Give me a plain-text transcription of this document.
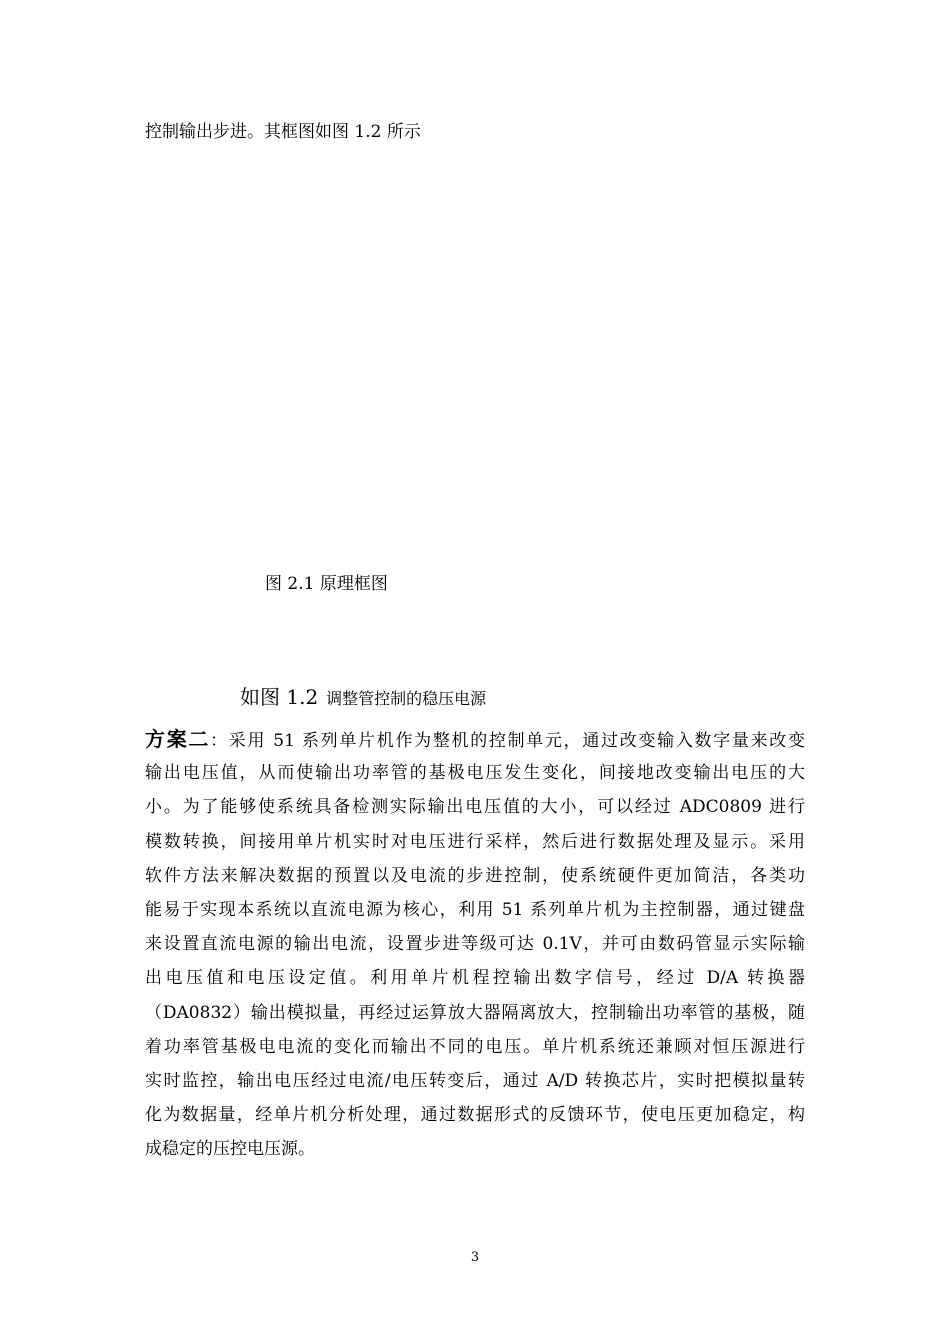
控制输出步进。其框图如图 1.2 所示
图 2.1 原理框图
如图 1.2 调整管控制的稳压电源
方案二：采用 51 系列单片机作为整机的控制单元，通过改变输入数字量来改变
输出电压值，从而使输出功率管的基极电压发生变化，间接地改变输出电压的大
小。为了能够使系统具备检测实际输出电压值的大小，可以经过 ADC0809 进行
模数转换，间接用单片机实时对电压进行采样，然后进行数据处理及显示。采用
软件方法来解决数据的预置以及电流的步进控制，使系统硬件更加简洁，各类功
能易于实现本系统以直流电源为核心，利用 51 系列单片机为主控制器，通过键盘
来设置直流电源的输出电流，设置步进等级可达 0.1V，并可由数码管显示实际输
出电压值和电压设定值。利用单片机程控输出数字信号，经过 D/A 转换器
（DA0832）输出模拟量，再经过运算放大器隔离放大，控制输出功率管的基极，随
着功率管基极电电流的变化而输出不同的电压。单片机系统还兼顾对恒压源进行
实时监控，输出电压经过电流/电压转变后，通过 A/D 转换芯片，实时把模拟量转
化为数据量，经单片机分析处理，通过数据形式的反馈环节，使电压更加稳定，构
成稳定的压控电压源。
3
